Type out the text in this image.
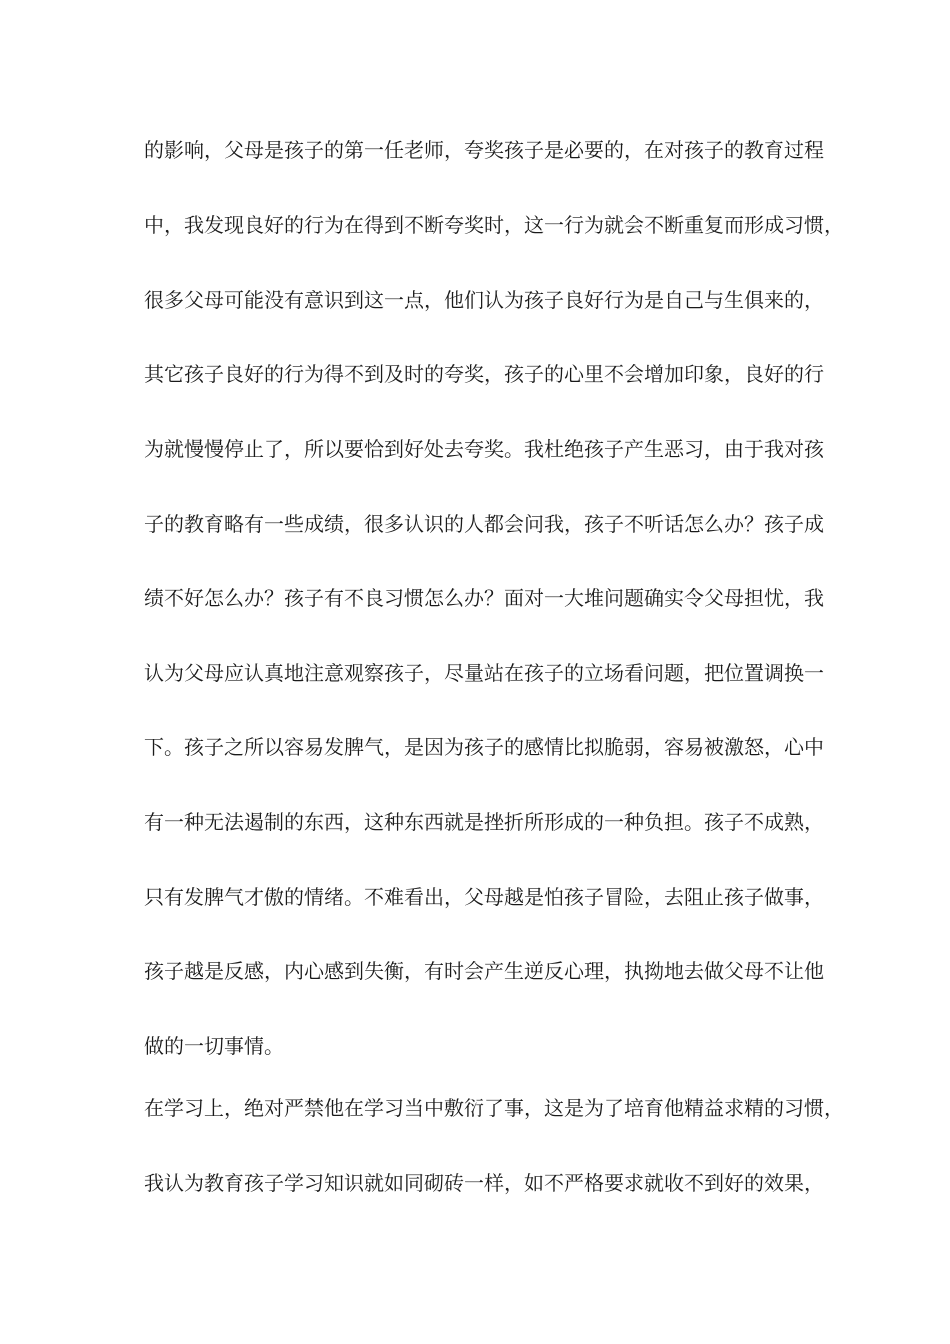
的影响，父母是孩子的第一任老师，夸奖孩子是必要的，在对孩子的教育过程
中，我发现良好的行为在得到不断夸奖时，这一行为就会不断重复而形成习惯，
很多父母可能没有意识到这一点，他们认为孩子良好行为是自己与生俱来的，
其它孩子良好的行为得不到及时的夸奖，孩子的心里不会增加印象，良好的行
为就慢慢停止了，所以要恰到好处去夸奖。我杜绝孩子产生恶习，由于我对孩
子的教育略有一些成绩，很多认识的人都会问我，孩子不听话怎么办？孩子成
绩不好怎么办？孩子有不良习惯怎么办？面对一大堆问题确实令父母担忧，我
认为父母应认真地注意观察孩子，尽量站在孩子的立场看问题，把位置调换一
下。孩子之所以容易发脾气，是因为孩子的感情比拟脆弱，容易被激怒，心中
有一种无法遏制的东西，这种东西就是挫折所形成的一种负担。孩子不成熟，
只有发脾气才傲的情绪。不难看出，父母越是怕孩子冒险，去阻止孩子做事，
孩子越是反感，内心感到失衡，有时会产生逆反心理，执拗地去做父母不让他
做的一切事情。
在学习上，绝对严禁他在学习当中敷衍了事，这是为了培育他精益求精的习惯，
我认为教育孩子学习知识就如同砌砖一样，如不严格要求就收不到好的效果，
